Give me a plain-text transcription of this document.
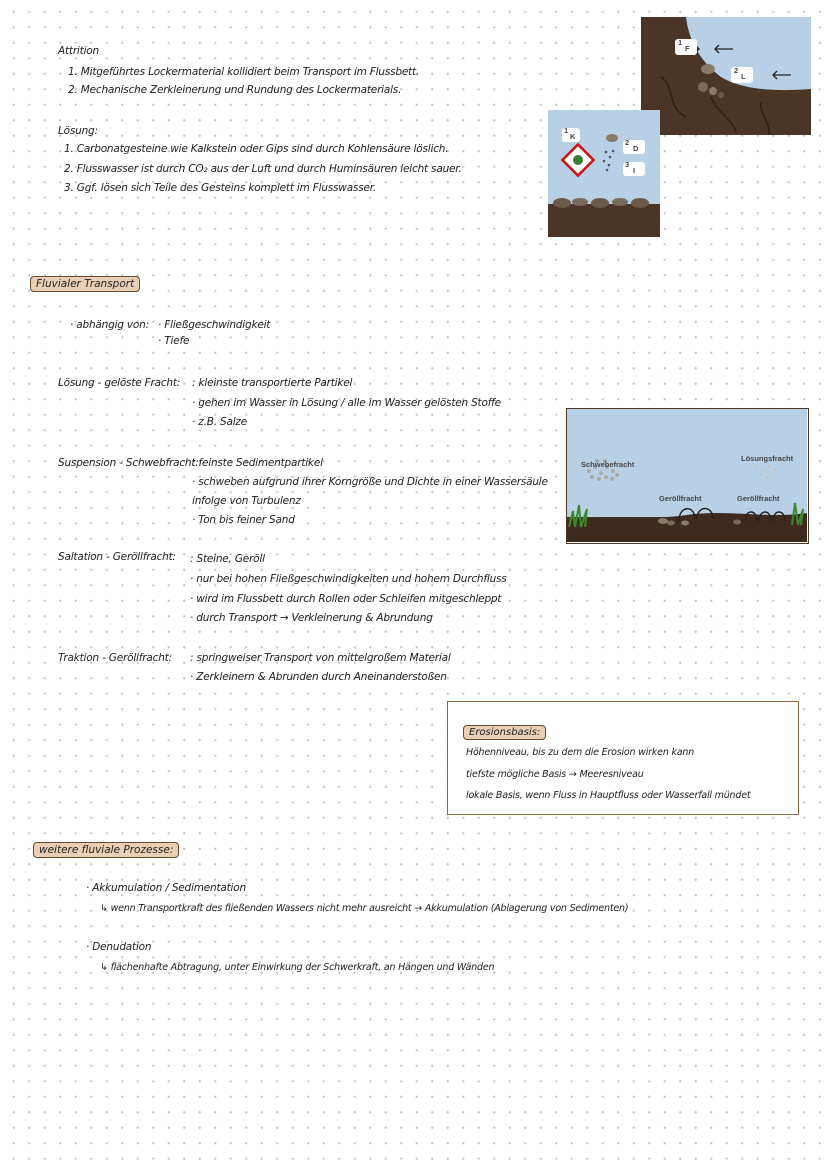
Attrition
1. Mitgeführtes Lockermaterial kollidiert beim Transport im Flussbett.
2. Mechanische Zerkleinerung und Rundung des Lockermaterials.
Lösung:
1. Carbonatgesteine wie Kalkstein oder Gips sind durch Kohlensäure löslich.
2. Flusswasser ist durch CO₂ aus der Luft und durch Huminsäuren leicht sauer.
3. Ggf. lösen sich Teile des Gesteins komplett im Flusswasser.
1
F
2
L
1
K
2
D
3
I
Fluvialer Transport
· abhängig von: · Fließgeschwindigkeit
· Tiefe
Lösung - gelöste Fracht: : kleinste transportierte Partikel
· gehen im Wasser in Lösung / alle im Wasser gelösten Stoffe
· z.B. Salze
Suspension - Schwebfracht:
: feinste Sedimentpartikel
· schweben aufgrund ihrer Korngröße und Dichte in einer Wassersäule
infolge von Turbulenz
· Ton bis feiner Sand
Saltation - Geröllfracht: : Steine, Geröll
· nur bei hohen Fließgeschwindigkeiten und hohem Durchfluss
· wird im Flussbett durch Rollen oder Schleifen mitgeschleppt
· durch Transport → Verkleinerung & Abrundung
Traktion - Geröllfracht: : springweiser Transport von mittelgroßem Material
· Zerkleinern & Abrunden durch Aneinanderstoßen
Schwebefracht
Lösungsfracht
Geröllfracht	Geröllfracht
Erosionsbasis:
Höhenniveau, bis zu dem die Erosion wirken kann
tiefste mögliche Basis → Meeresniveau
lokale Basis, wenn Fluss in Hauptfluss oder Wasserfall mündet
weitere fluviale Prozesse:
· Akkumulation / Sedimentation
↳ wenn Transportkraft des fließenden Wassers nicht mehr ausreicht → Akkumulation (Ablagerung von Sedimenten)
· Denudation
↳ flächenhafte Abtragung, unter Einwirkung der Schwerkraft, an Hängen und Wänden
